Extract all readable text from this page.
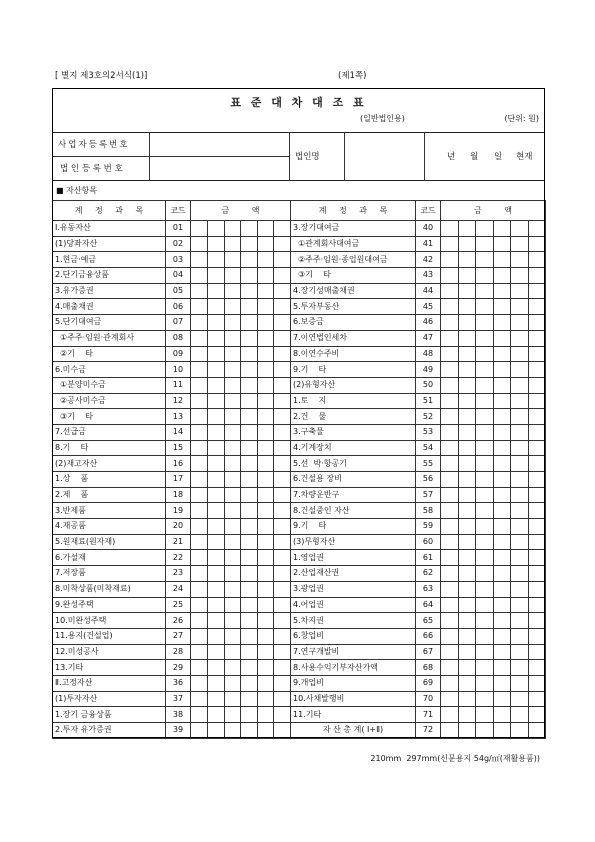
[ 별지 제3호의2서식(1)]	(제1쪽)
표 준 대 차 대 조 표
(일반법인용)	(단위: 원)
사업자등록번호
법 인 등 록 번 호
법인명	년 월 일 현재
■ 자산항목
계 정 과 목	코드	금 액						계 정 과 목	코드	금 액					
Ⅰ.유동자산	01							3.장기대여금	40						
(1)당좌자산	02							①관계회사대여금	41						
1.현금·예금	03							②주주·임원·종업원대여금	42						
2.단기금융상품	04							③기    타	43						
3.유가증권	05							4.장기성매출채권	44						
4.매출채권	06							5.투자부동산	45						
5.단기대여금	07							6.보증금	46						
①주주·임원·관계회사	08							7.이연법인세차	47						
②기    타	09							8.이연수주비	48						
6.미수금	10							9.기    타	49						
①분양미수금	11							(2)유형자산	50						
②공사미수금	12							1.토    지	51						
③기    타	13							2.건    물	52						
7.선급금	14							3.구축물	53						
8.기    타	15							4.기계장치	54						
(2)재고자산	16							5.선  박·항공기	55						
1.상    품	17							6.건설용 장비	56						
2.제    품	18							7.차량운반구	57						
3.반제품	19							8.건설중인 자산	58						
4.재공품	20							9.기    타	59						
5.원재료(원자재)	21							(3)무형자산	60						
6.가설재	22							1.영업권	61						
7.저장품	23							2.산업재산권	62						
8.미착상품(미착재료)	24							3.광업권	63						
9.완성주택	25							4.어업권	64						
10.미완성주택	26							5.차지권	65						
11.용지(건설업)	27							6.창업비	66						
12.미성공사	28							7.연구개발비	67						
13.기타	29							8.사용수익기부자산가액	68						
Ⅱ.고정자산	36							9.개업비	69						
(1)투자자산	37							10.사채발행비	70						
1.장기 금융상품	38							11.기타	71						
2.투자 유가증권	39							자 산 총 계( Ⅰ+Ⅱ)	72						
210mm  297mm(신문용지 54g/㎡(재활용품))
